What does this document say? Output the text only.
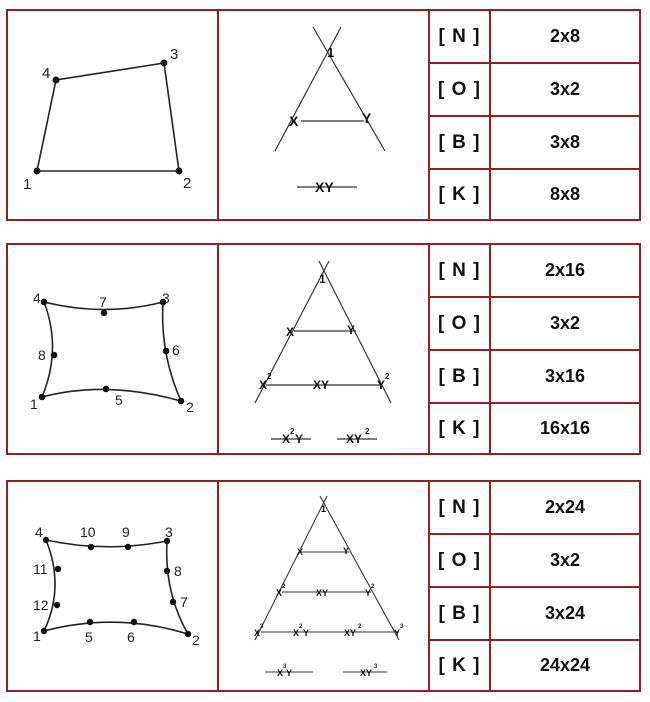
1	2
3
4
1
X	Y
XY
[ N ]	2x8
[ O ]	3x2
[ B ]	3x8
[ K ]	8x8
1	2
3
4
5
6
7
8
1
X	Y
X
2
XY	Y
2
X
2
Y	XY
2
[ N ]	2x16
[ O ]	3x2
[ B ]	3x16
[ K ]	16x16
1	2
3
4
5 6
7
8
9
10
11
12
1
X	Y
X
2
XY	Y
2
X
3
X
2
Y	XY
2
Y
3
X
3
Y	XY
3
[ N ]	2x24
[ O ]	3x2
[ B ]	3x24
[ K ]	24x24
